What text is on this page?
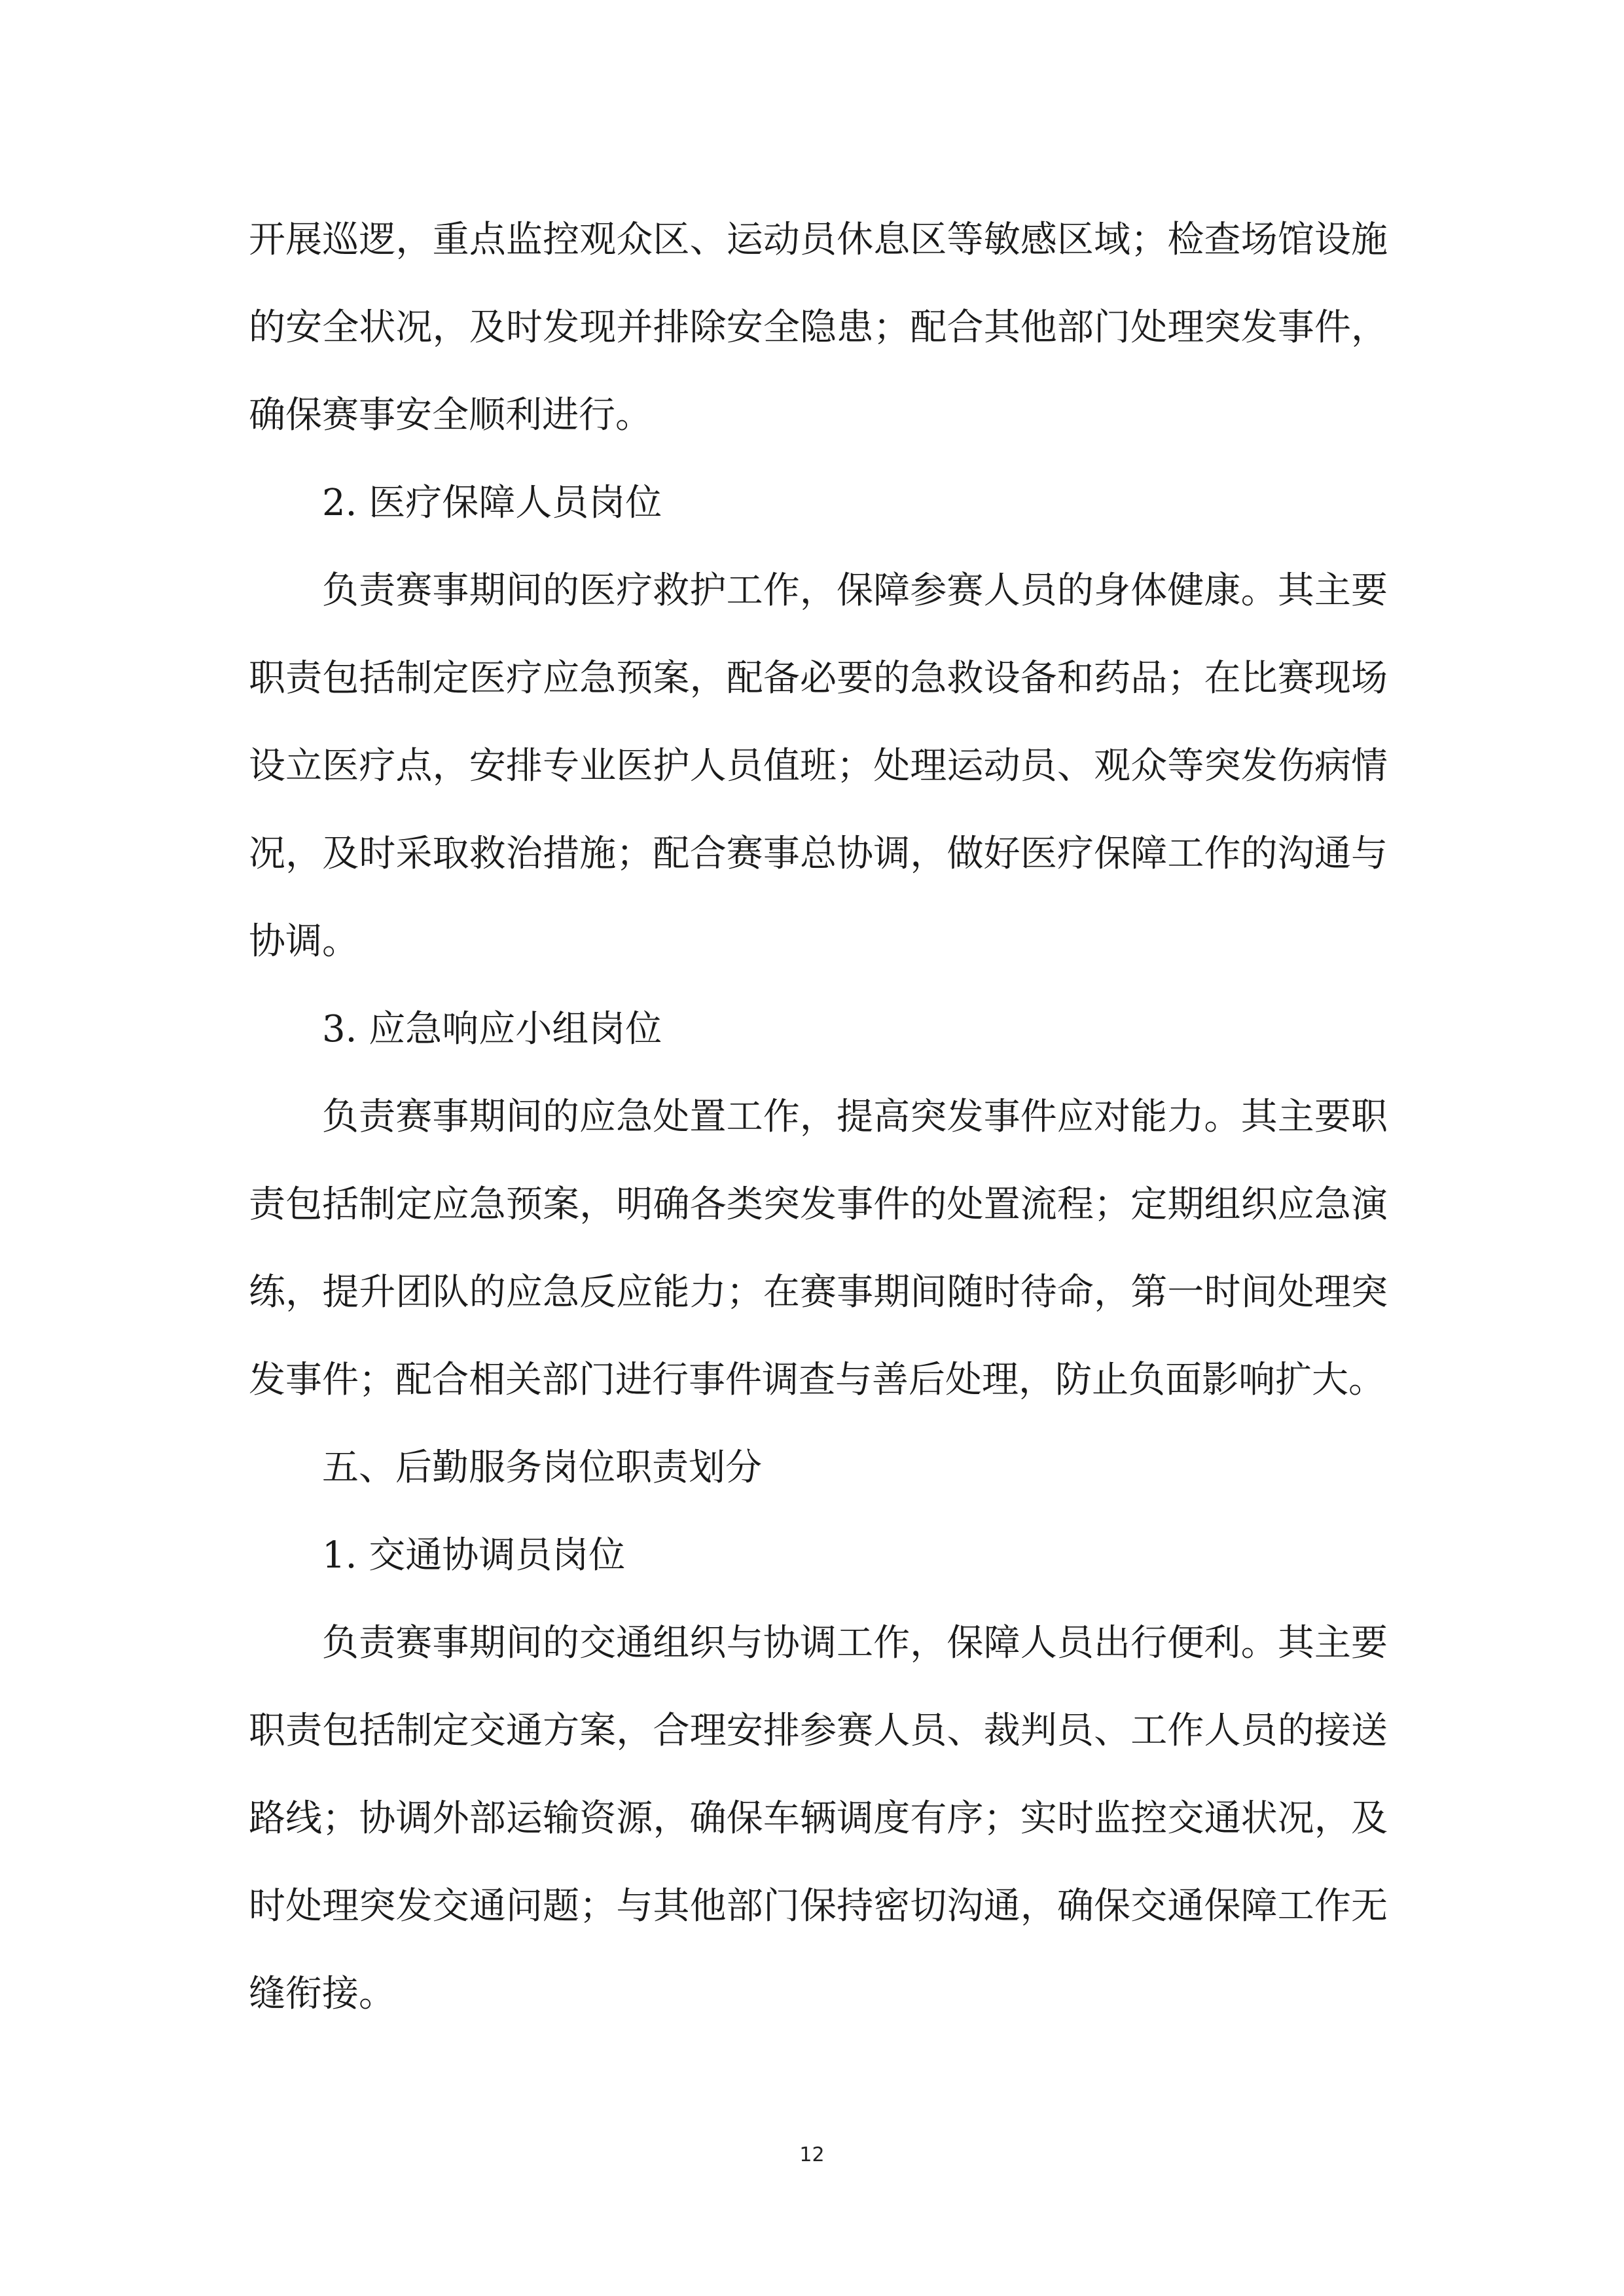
开展巡逻，重点监控观众区、运动员休息区等敏感区域；检查场馆设施的安全状况，及时发现并排除安全隐患；配合其他部门处理突发事件，确保赛事安全顺利进行。

2. 医疗保障人员岗位

负责赛事期间的医疗救护工作，保障参赛人员的身体健康。其主要职责包括制定医疗应急预案，配备必要的急救设备和药品；在比赛现场设立医疗点，安排专业医护人员值班；处理运动员、观众等突发伤病情况，及时采取救治措施；配合赛事总协调，做好医疗保障工作的沟通与协调。

3. 应急响应小组岗位

负责赛事期间的应急处置工作，提高突发事件应对能力。其主要职责包括制定应急预案，明确各类突发事件的处置流程；定期组织应急演练，提升团队的应急反应能力；在赛事期间随时待命，第一时间处理突发事件；配合相关部门进行事件调查与善后处理，防止负面影响扩大。

五、后勤服务岗位职责划分

1. 交通协调员岗位

负责赛事期间的交通组织与协调工作，保障人员出行便利。其主要职责包括制定交通方案，合理安排参赛人员、裁判员、工作人员的接送路线；协调外部运输资源，确保车辆调度有序；实时监控交通状况，及时处理突发交通问题；与其他部门保持密切沟通，确保交通保障工作无缝衔接。

12
